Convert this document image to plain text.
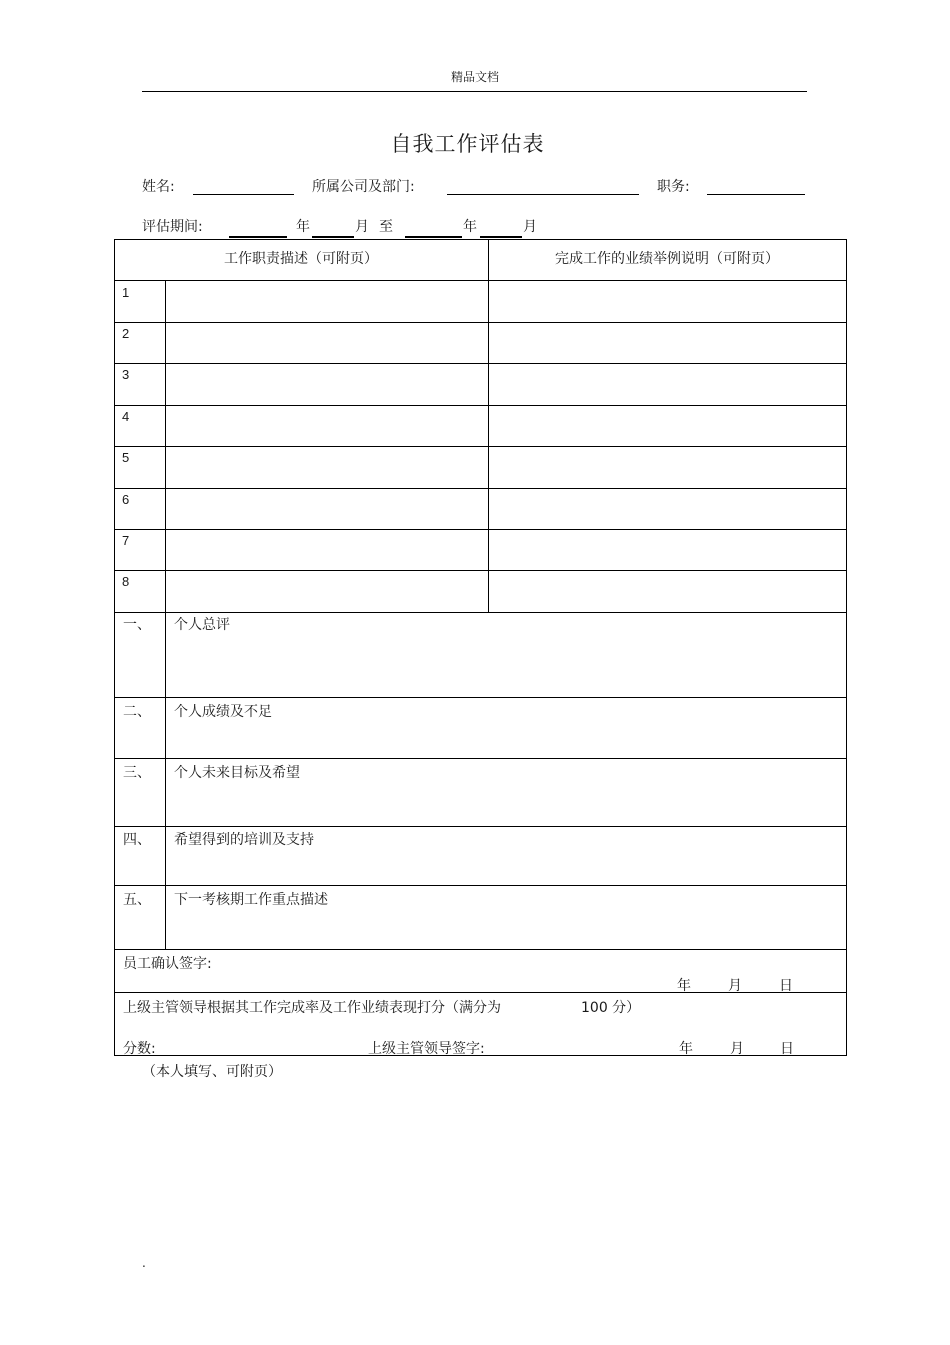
精品文档
自我工作评估表
姓名:	所属公司及部门:	职务:
评估期间:	年	月 至	年	月
工作职责描述（可附页）	完成工作的业绩举例说明（可附页）
1
2
3
4
5
6
7
8
一、 个人总评
二、 个人成绩及不足
三、 个人未来目标及希望
四、 希望得到的培训及支持
五、 下一考核期工作重点描述
员工确认签字:
年	月	日
上级主管领导根据其工作完成率及工作业绩表现打分（满分为	100 分）
分数:	上级主管领导签字:	年	月	日
（本人填写、可附页）
.
